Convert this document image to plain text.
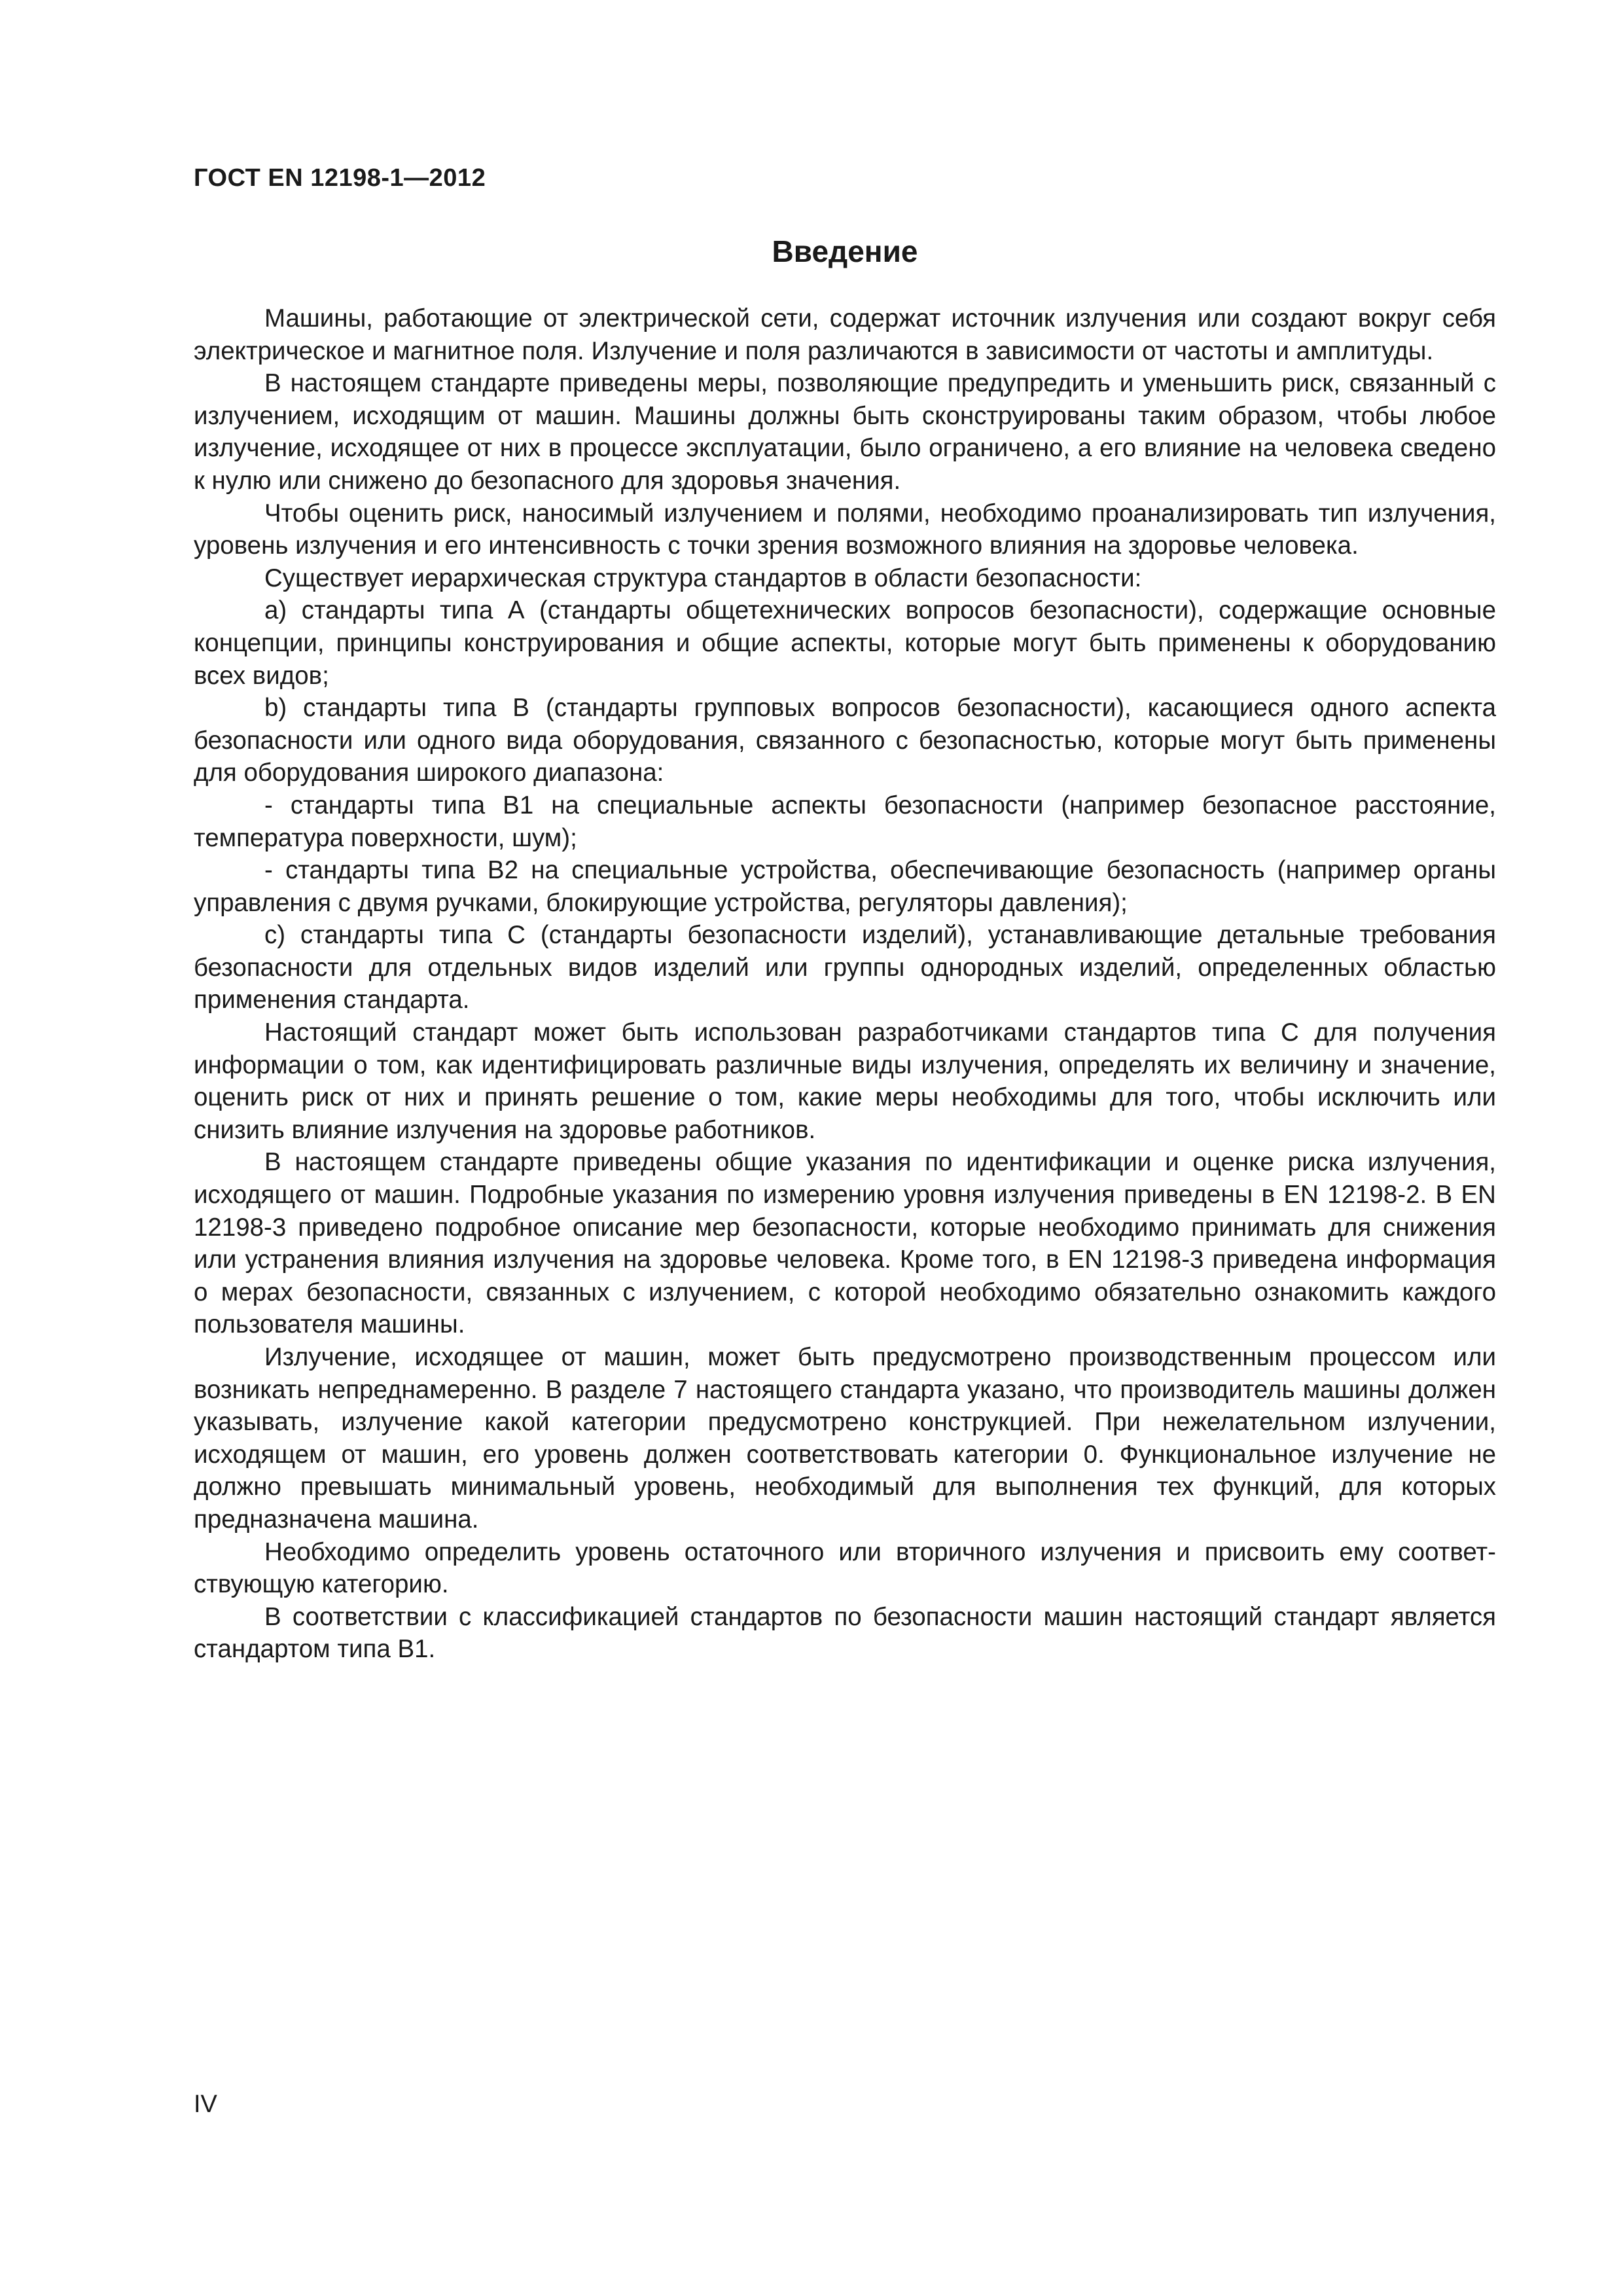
ГОСТ EN 12198-1—2012
Введение

Машины, работающие от электрической сети, содержат источник излучения или создают вокруг себя электрическое и магнитное поля. Излучение и поля различаются в зависимости от частоты и амплитуды.

В настоящем стандарте приведены меры, позволяющие предупредить и уменьшить риск, связанный с излучением, исходящим от машин. Машины должны быть сконструированы таким образом, чтобы любое излучение, исходящее от них в процессе эксплуатации, было ограничено, а его влияние на человека сведено к нулю или снижено до безопасного для здоровья значения.

Чтобы оценить риск, наносимый излучением и полями, необходимо проанализировать тип излучения, уровень излучения и его интенсивность с точки зрения возможного влияния на здоровье человека.

Существует иерархическая структура стандартов в области безопасности:

a) стандарты типа А (стандарты общетехнических вопросов безопасности), содержащие основные концепции, принципы конструирования и общие аспекты, которые могут быть применены к оборудованию всех видов;

b) стандарты типа В (стандарты групповых вопросов безопасности), касающиеся одного аспекта безопасности или одного вида оборудования, связанного с безопасностью, которые могут быть применены для оборудования широкого диапазона:

- стандарты типа В1 на специальные аспекты безопасности (например безопасное расстояние, температура поверхности, шум);

- стандарты типа В2 на специальные устройства, обеспечивающие безопасность (например органы управления с двумя ручками, блокирующие устройства, регуляторы давления);

c) стандарты типа С (стандарты безопасности изделий), устанавливающие детальные требования безопасности для отдельных видов изделий или группы однородных изделий, определенных областью применения стандарта.

Настоящий стандарт может быть использован разработчиками стандартов типа С для получения информации о том, как идентифицировать различные виды излучения, определять их величину и значение, оценить риск от них и принять решение о том, какие меры необходимы для того, чтобы исключить или снизить влияние излучения на здоровье работников.

В настоящем стандарте приведены общие указания по идентификации и оценке риска излучения, исходящего от машин. Подробные указания по измерению уровня излучения приведены в EN 12198-2. В EN 12198-3 приведено подробное описание мер безопасности, которые необходимо принимать для снижения или устранения влияния излучения на здоровье человека. Кроме того, в EN 12198-3 приведена информация о мерах безопасности, связанных с излучением, с которой необходимо обязательно ознакомить каждого пользователя машины.

Излучение, исходящее от машин, может быть предусмотрено производственным процессом или возникать непреднамеренно. В разделе 7 настоящего стандарта указано, что производитель машины должен указывать, излучение какой категории предусмотрено конструкцией. При нежелательном излучении, исходящем от машин, его уровень должен соответствовать категории 0. Функциональное излучение не должно превышать минимальный уровень, необходимый для выполнения тех функций, для которых предназначена машина.

Необходимо определить уровень остаточного или вторичного излучения и присвоить ему соответствующую категорию.

В соответствии с классификацией стандартов по безопасности машин настоящий стандарт является стандартом типа В1.

IV
